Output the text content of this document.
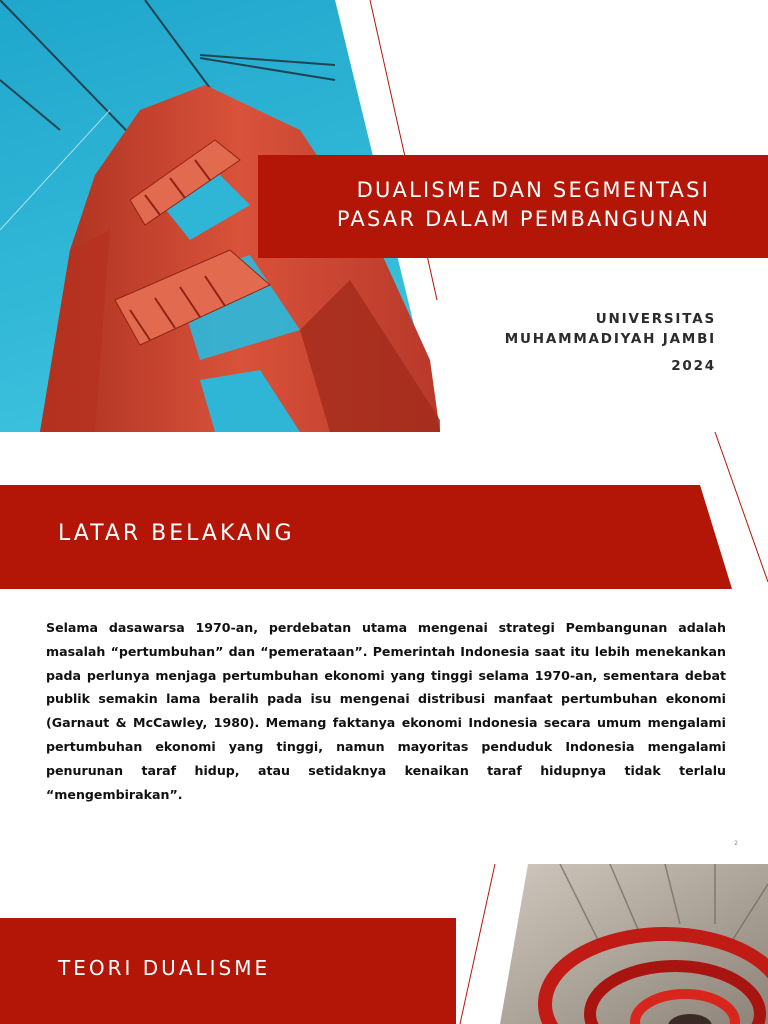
DUALISME DAN SEGMENTASI
PASAR DALAM PEMBANGUNAN
UNIVERSITAS
MUHAMMADIYAH JAMBI
2024
LATAR BELAKANG
Selama dasawarsa 1970-an, perdebatan utama mengenai strategi Pembangunan adalah masalah “pertumbuhan” dan “pemerataan”. Pemerintah Indonesia saat itu lebih menekankan pada perlunya menjaga pertumbuhan ekonomi yang tinggi selama 1970-an, sementara debat publik semakin lama beralih pada isu mengenai distribusi manfaat pertumbuhan ekonomi (Garnaut & McCawley, 1980). Memang faktanya ekonomi Indonesia secara umum mengalami pertumbuhan ekonomi yang tinggi, namun mayoritas penduduk Indonesia mengalami penurunan taraf hidup, atau setidaknya kenaikan taraf hidupnya tidak terlalu “mengembirakan”.
2
TEORI DUALISME
